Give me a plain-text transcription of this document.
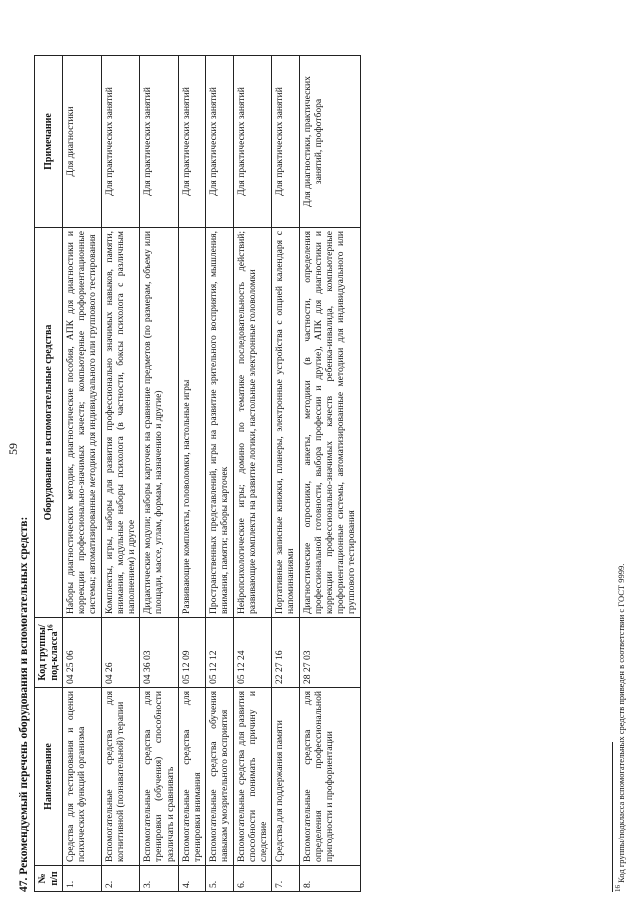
59
47. Рекомендуемый перечень оборудования и вспомогательных средств: № п/п	Наименование	Код группы/под-класса$^{16}$	Оборудование и вспомогательные средства	Примечание
1.	Средства для тестирования и оценки психических функций организма	04 25 06	Наборы диагностических методик, диагностические пособия, АПК для диагностики и коррекции профессионально-значимых качеств; компьютерные профориентационные системы; автоматизированные методики для индивидуального или группового тестирования	Для диагностики
2.	Вспомогательные средства для когнитивной (познавательной) терапии	04 26	Комплекты, игры, наборы для развития профессионально значимых навыков, памяти, внимания, модульные наборы психолога (в частности, боксы психолога с различным наполнением) и другое	Для практических занятий
3.	Вспомогательные средства для тренировки (обучения) способности различать и сравнивать	04 36 03	Дидактические модули; наборы карточек на сравнение предметов (по размерам, объему или площади, массе, углам, формам, назначению и другие)	Для практических занятий
4.	Вспомогательные средства для тренировки внимания	05 12 09	Развивающие комплекты, головоломки, настольные игры	Для практических занятий
5.	Вспомогательные средства обучения навыкам умозрительного восприятия	05 12 12	Пространственных представлений, игры на развитие зрительного восприятия, мышления, внимания, памяти; наборы карточек	Для практических занятий
6.	Вспомогательные средства для развития способности понимать причину и следствие	05 12 24	Нейропсихологические игры; домино по тематике последовательность действий; развивающие комплекты на развитие логики, настольные электронные головоломки	Для практических занятий
7.	Средства для поддержания памяти	22 27 16	Портативные записные книжки, планеры, электронные устройства с опцией календаря с напоминаниями	Для практических занятий
8.	Вспомогательные средства для определения профессиональной пригодности и профориентации	28 27 03	Диагностические опросники, анкеты, методики (в частности, определения профессиональной готовности, выбора профессии и другие), АПК для диагностики и коррекции профессионально-значимых качеств ребенка-инвалида, компьютерные профориентационные системы, автоматизированные методики для индивидуального или группового тестирования	Для диагностики, практических занятий, профотбора
$^{16}$ Код группы/подкласса вспомогательных средств приведен в соответствии с ГОСТ 9999.
